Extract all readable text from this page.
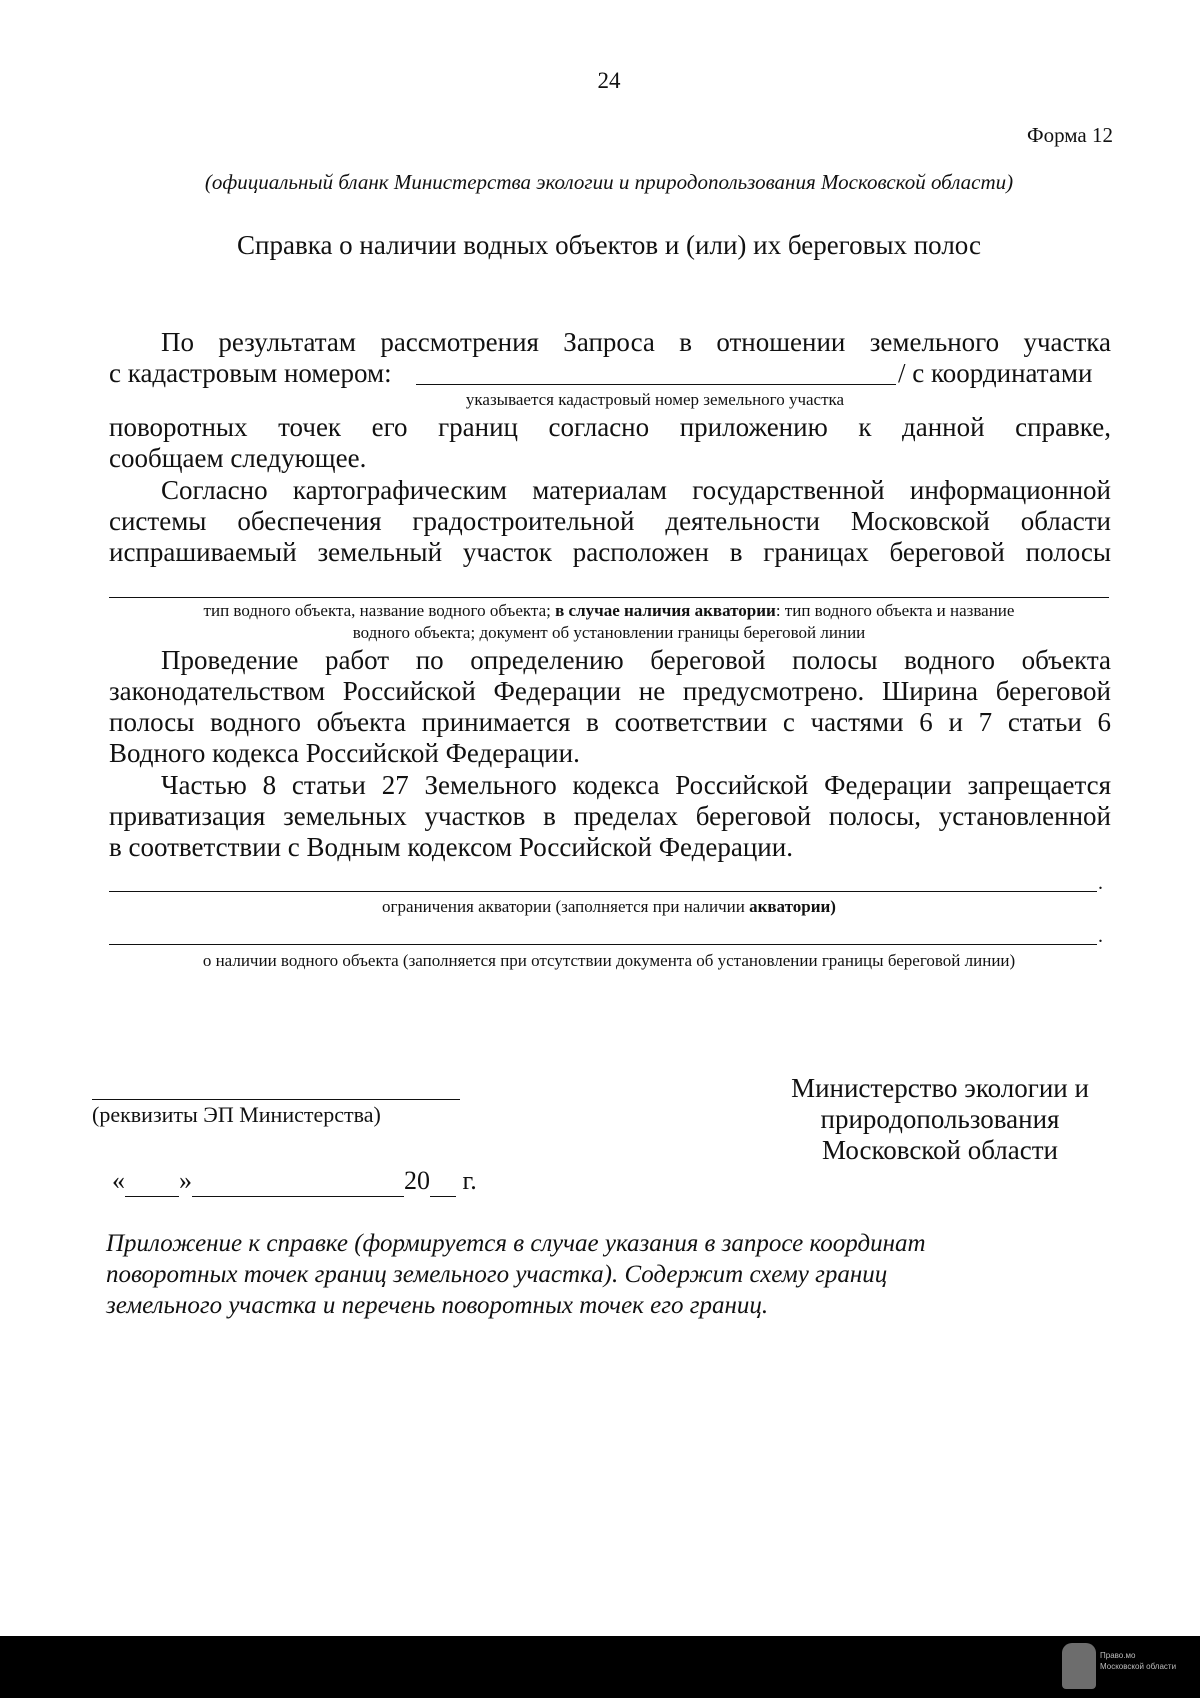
24
Форма 12
(официальный бланк Министерства экологии и природопользования Московской области)
Справка о наличии водных объектов и (или) их береговых полос
По результатам рассмотрения Запроса в отношении земельного участка
с кадастровым номером:	/ с координатами
указывается кадастровый номер земельного участка
поворотных точек его границ согласно приложению к данной справке,
сообщаем следующее.
Согласно картографическим материалам государственной информационной
системы обеспечения градостроительной деятельности Московской области
испрашиваемый земельный участок расположен в границах береговой полосы
тип водного объекта, название водного объекта; в случае наличия акватории: тип водного объекта и название
водного объекта; документ об установлении границы береговой линии
Проведение работ по определению береговой полосы водного объекта
законодательством Российской Федерации не предусмотрено. Ширина береговой
полосы водного объекта принимается в соответствии с частями 6 и 7 статьи 6
Водного кодекса Российской Федерации.
Частью 8 статьи 27 Земельного кодекса Российской Федерации запрещается
приватизация земельных участков в пределах береговой полосы, установленной
в соответствии с Водным кодексом Российской Федерации.
.
ограничения акватории (заполняется при наличии акватории)
.
о наличии водного объекта (заполняется при отсутствии документа об установлении границы береговой линии)
(реквизиты ЭП Министерства)
Министерство экологии и
природопользования
Московской области
« »	20 г.
Приложение к справке (формируется в случае указания в запросе координат
поворотных точек границ земельного участка). Содержит схему границ
земельного участка и перечень поворотных точек его границ.
Право.мо
Московской области
